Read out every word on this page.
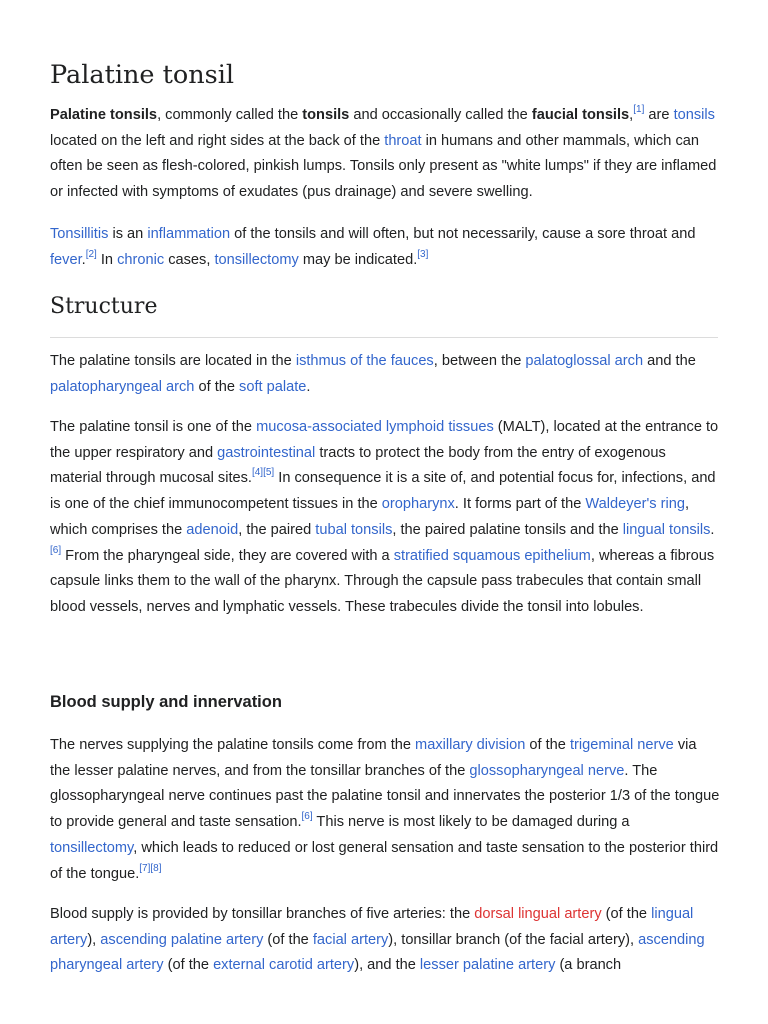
Palatine tonsil

Palatine tonsils, commonly called the tonsils and occasionally called the faucial tonsils,[1] are tonsils located on the left and right sides at the back of the throat in humans and other mammals, which can often be seen as flesh-colored, pinkish lumps. Tonsils only present as "white lumps" if they are inflamed or infected with symptoms of exudates (pus drainage) and severe swelling.

Tonsillitis is an inflammation of the tonsils and will often, but not necessarily, cause a sore throat and fever.[2] In chronic cases, tonsillectomy may be indicated.[3]

Structure

The palatine tonsils are located in the isthmus of the fauces, between the palatoglossal arch and the palatopharyngeal arch of the soft palate.

The palatine tonsil is one of the mucosa-associated lymphoid tissues (MALT), located at the entrance to the upper respiratory and gastrointestinal tracts to protect the body from the entry of exogenous material through mucosal sites.[4][5] In consequence it is a site of, and potential focus for, infections, and is one of the chief immunocompetent tissues in the oropharynx. It forms part of the Waldeyer's ring, which comprises the adenoid, the paired tubal tonsils, the paired palatine tonsils and the lingual tonsils.[6] From the pharyngeal side, they are covered with a stratified squamous epithelium, whereas a fibrous capsule links them to the wall of the pharynx. Through the capsule pass trabecules that contain small blood vessels, nerves and lymphatic vessels. These trabecules divide the tonsil into lobules.

Blood supply and innervation

The nerves supplying the palatine tonsils come from the maxillary division of the trigeminal nerve via the lesser palatine nerves, and from the tonsillar branches of the glossopharyngeal nerve. The glossopharyngeal nerve continues past the palatine tonsil and innervates the posterior 1/3 of the tongue to provide general and taste sensation.[6] This nerve is most likely to be damaged during a tonsillectomy, which leads to reduced or lost general sensation and taste sensation to the posterior third of the tongue.[7][8]

Blood supply is provided by tonsillar branches of five arteries: the dorsal lingual artery (of the lingual artery), ascending palatine artery (of the facial artery), tonsillar branch (of the facial artery), ascending pharyngeal artery (of the external carotid artery), and the lesser palatine artery (a branch
